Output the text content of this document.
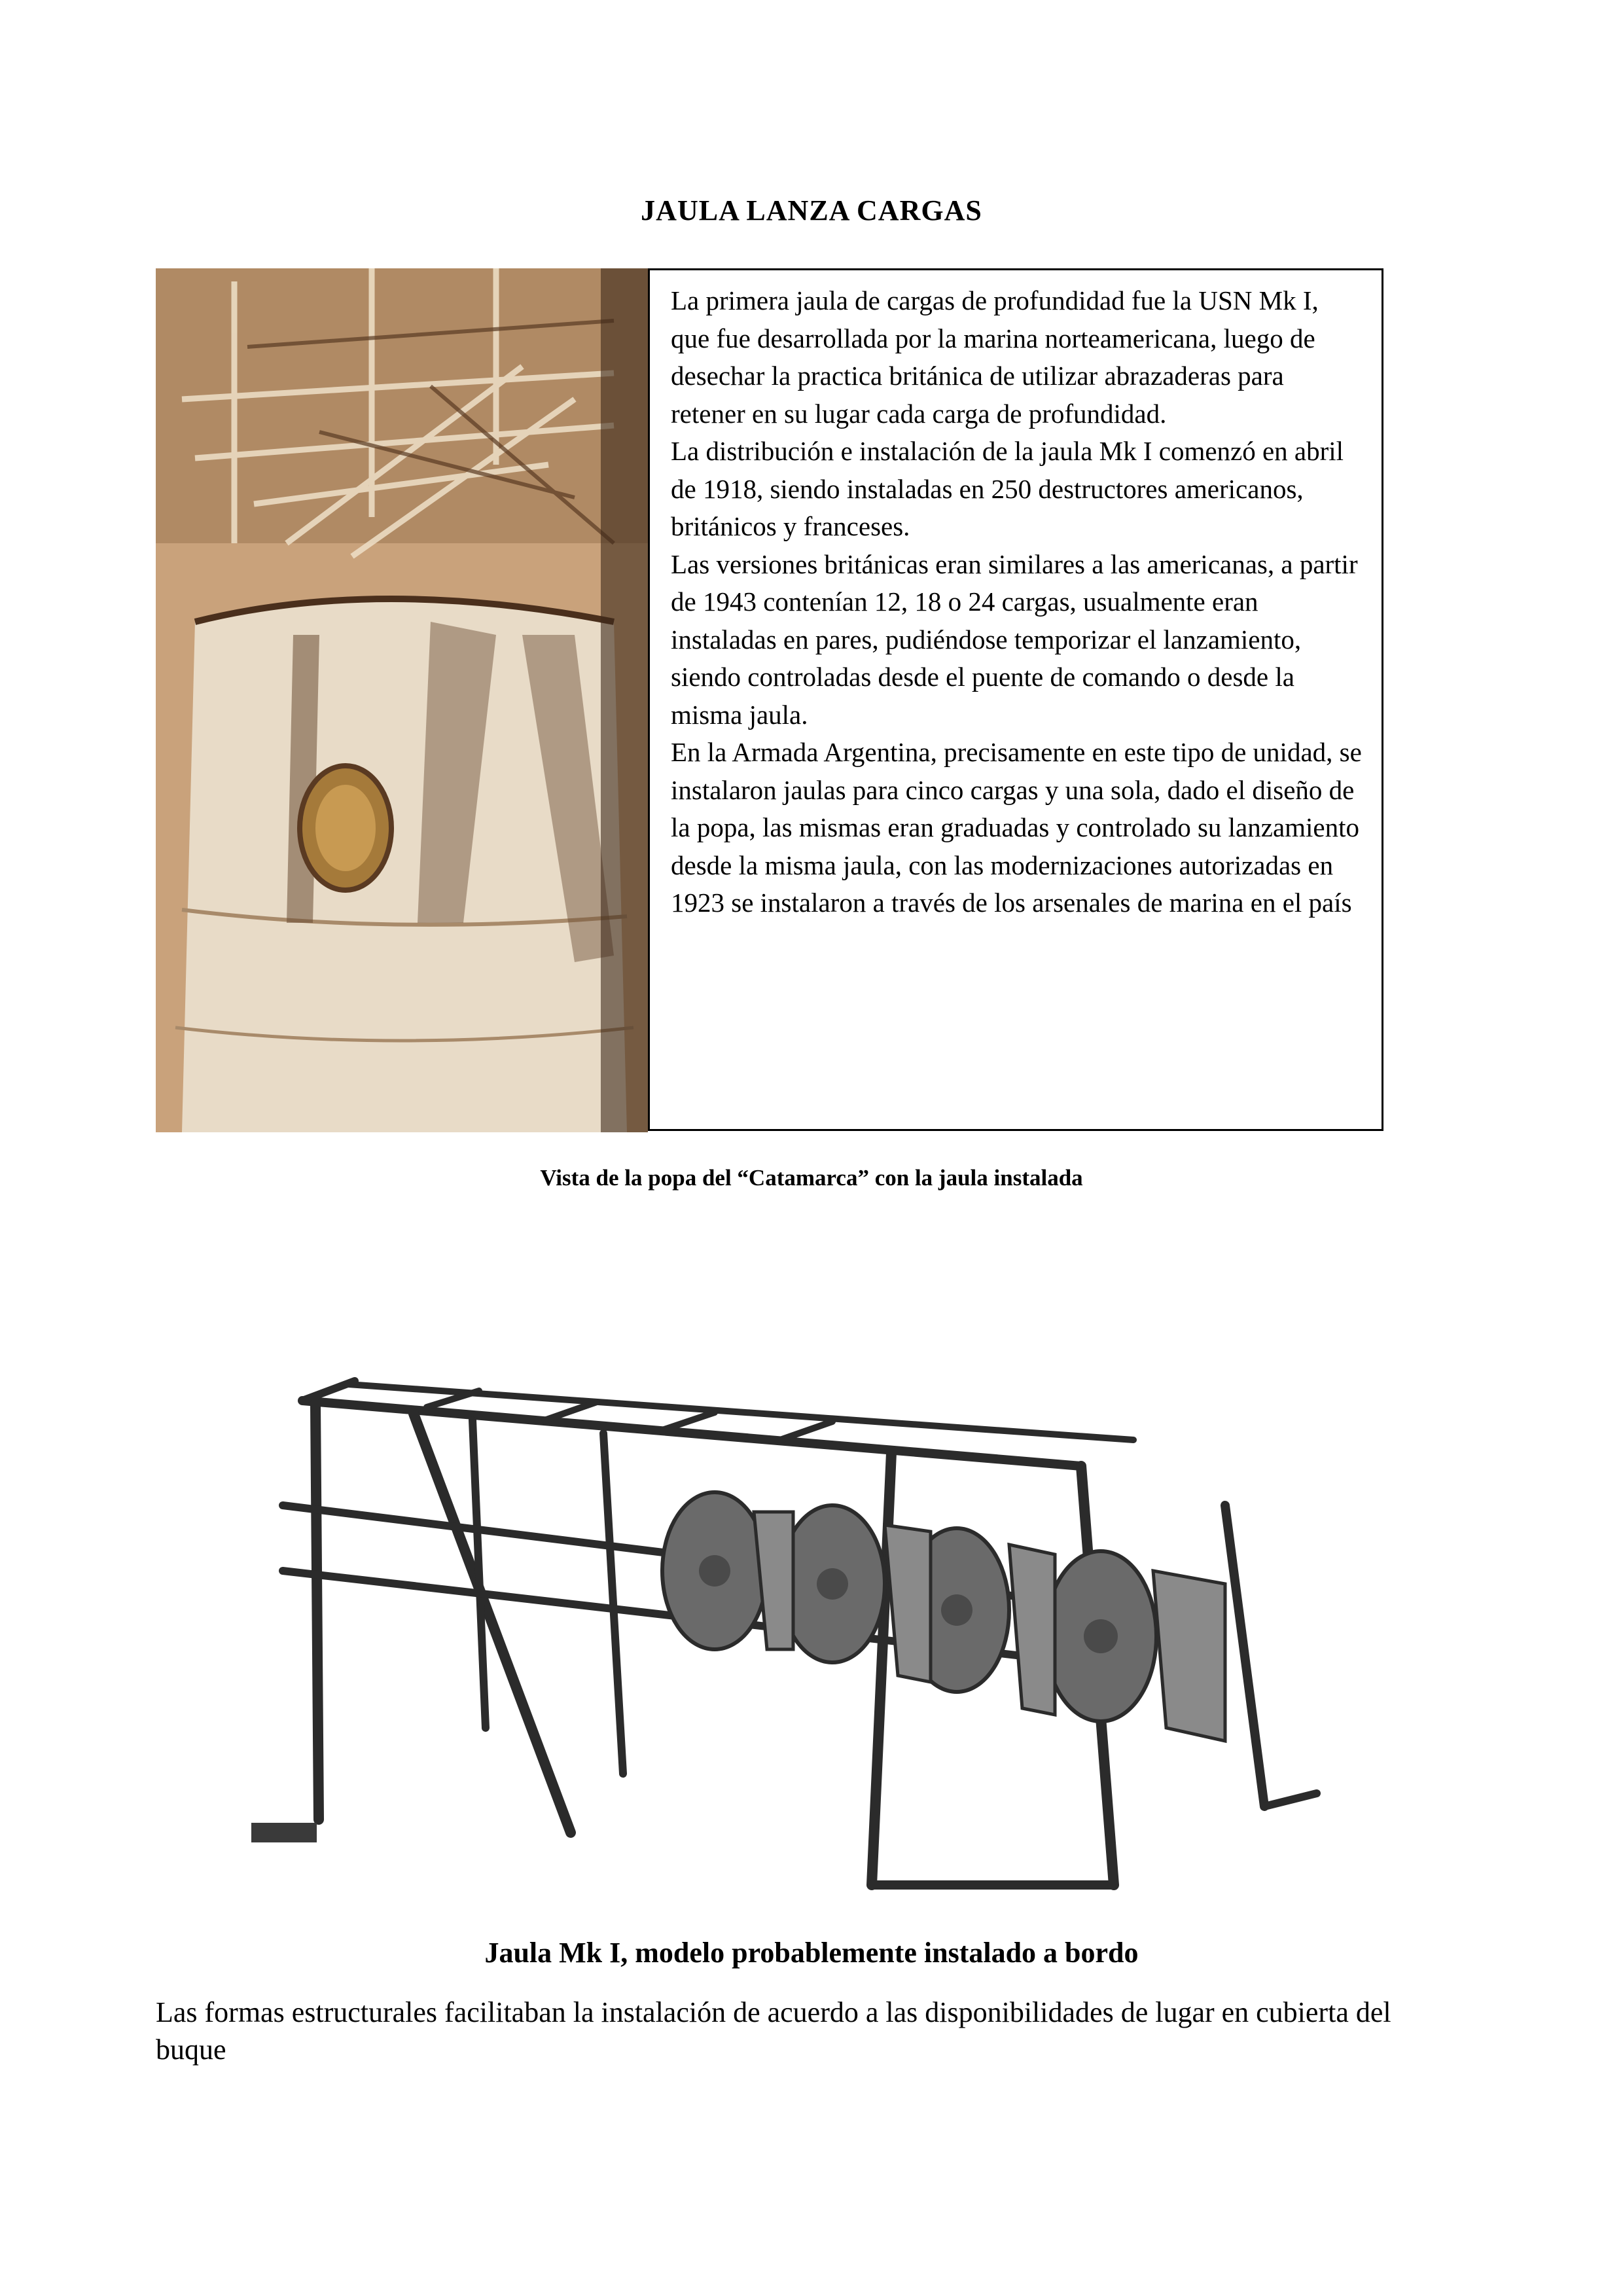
JAULA LANZA CARGAS

La primera jaula de cargas de profundidad fue la USN Mk I, que fue desarrollada por la marina norteamericana, luego de desechar la practica británica de utilizar abrazaderas para retener en su lugar cada carga de profundidad.

La distribución e instalación de la jaula Mk I comenzó en abril de 1918, siendo instaladas en 250 destructores americanos, británicos y franceses.

Las versiones británicas eran similares a las americanas, a partir de 1943 contenían 12, 18 o 24 cargas, usualmente eran instaladas en pares, pudiéndose temporizar el lanzamiento, siendo controladas desde el puente de comando o desde la misma jaula.

En la Armada Argentina, precisamente en este tipo de unidad, se instalaron jaulas para cinco cargas y una sola, dado el diseño de la popa, las mismas eran graduadas y controlado su lanzamiento desde la misma jaula, con las modernizaciones autorizadas en 1923 se instalaron a través de los arsenales de marina en el país

Vista de la popa del “Catamarca” con la jaula instalada
Jaula Mk I, modelo probablemente instalado a bordo
Las formas estructurales facilitaban la instalación de acuerdo a las disponibilidades de lugar en cubierta del buque
